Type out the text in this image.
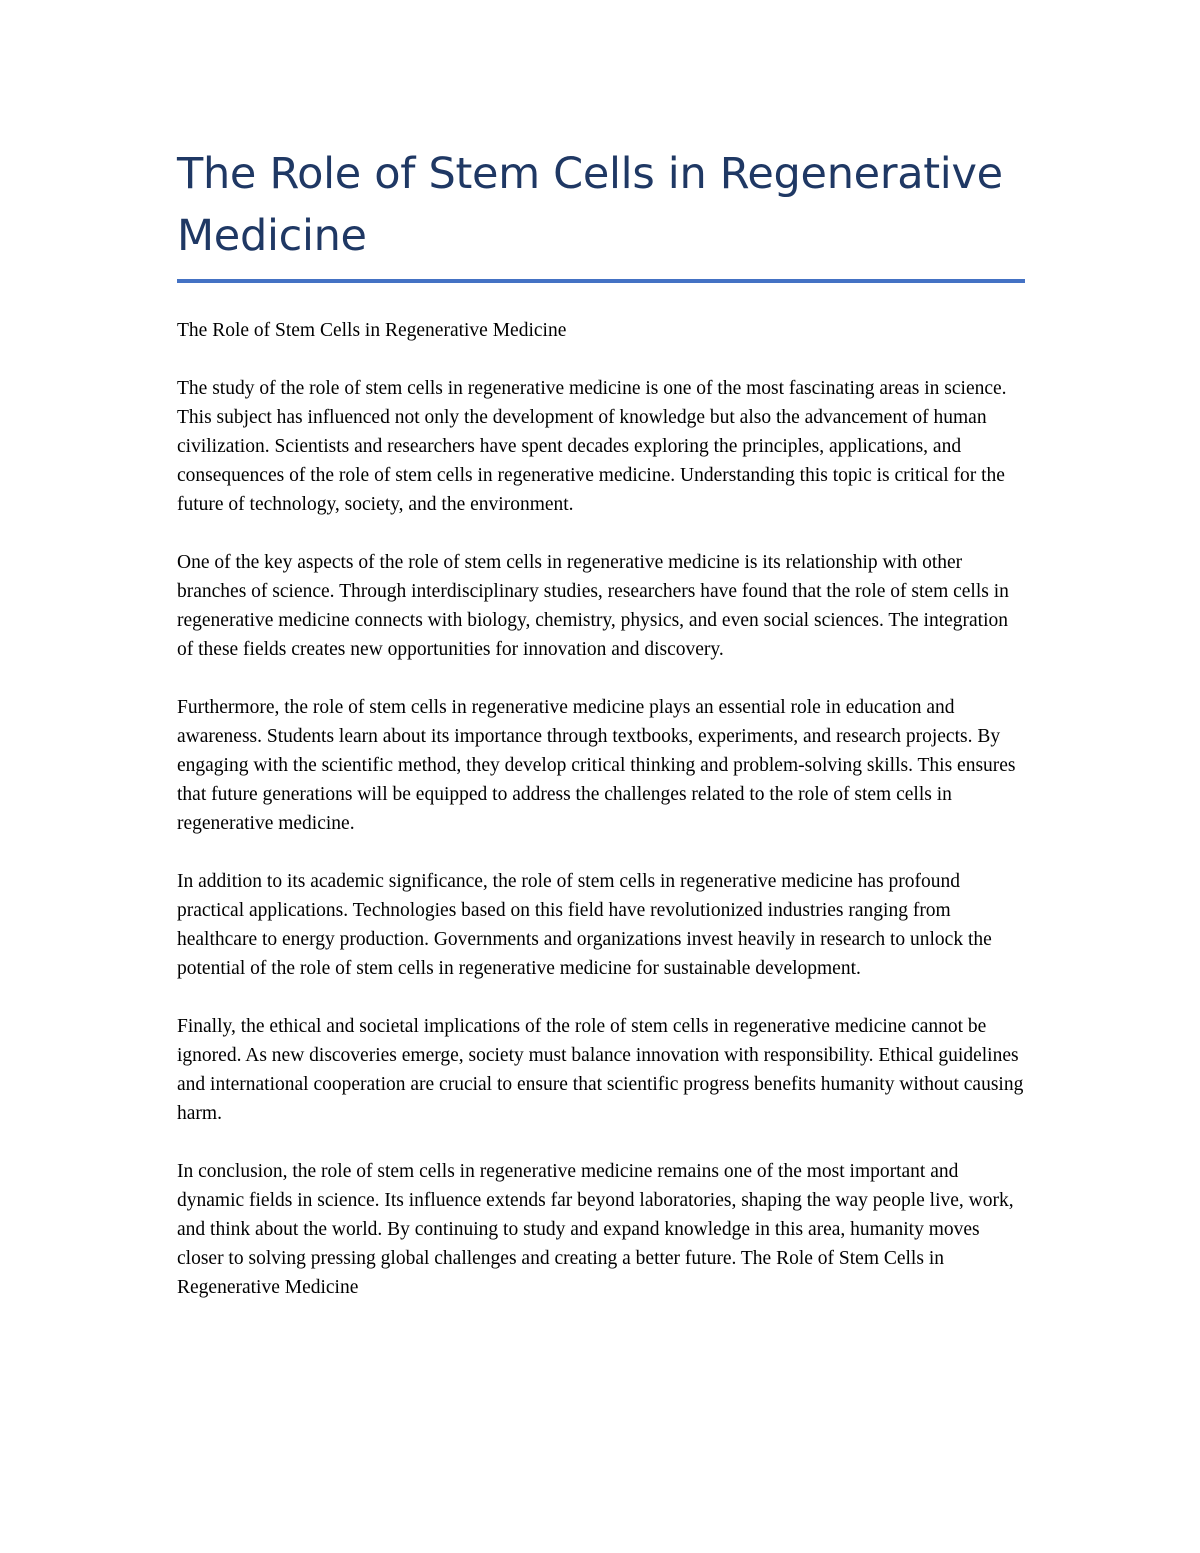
The Role of Stem Cells in Regenerative Medicine

The Role of Stem Cells in Regenerative Medicine

The study of the role of stem cells in regenerative medicine is one of the most fascinating areas in science. This subject has influenced not only the development of knowledge but also the advancement of human civilization. Scientists and researchers have spent decades exploring the principles, applications, and consequences of the role of stem cells in regenerative medicine. Understanding this topic is critical for the future of technology, society, and the environment.

One of the key aspects of the role of stem cells in regenerative medicine is its relationship with other branches of science. Through interdisciplinary studies, researchers have found that the role of stem cells in regenerative medicine connects with biology, chemistry, physics, and even social sciences. The integration of these fields creates new opportunities for innovation and discovery.

Furthermore, the role of stem cells in regenerative medicine plays an essential role in education and awareness. Students learn about its importance through textbooks, experiments, and research projects. By engaging with the scientific method, they develop critical thinking and problem-solving skills. This ensures that future generations will be equipped to address the challenges related to the role of stem cells in regenerative medicine.

In addition to its academic significance, the role of stem cells in regenerative medicine has profound practical applications. Technologies based on this field have revolutionized industries ranging from healthcare to energy production. Governments and organizations invest heavily in research to unlock the potential of the role of stem cells in regenerative medicine for sustainable development.

Finally, the ethical and societal implications of the role of stem cells in regenerative medicine cannot be ignored. As new discoveries emerge, society must balance innovation with responsibility. Ethical guidelines and international cooperation are crucial to ensure that scientific progress benefits humanity without causing harm.

In conclusion, the role of stem cells in regenerative medicine remains one of the most important and dynamic fields in science. Its influence extends far beyond laboratories, shaping the way people live, work, and think about the world. By continuing to study and expand knowledge in this area, humanity moves closer to solving pressing global challenges and creating a better future. The Role of Stem Cells in Regenerative Medicine
